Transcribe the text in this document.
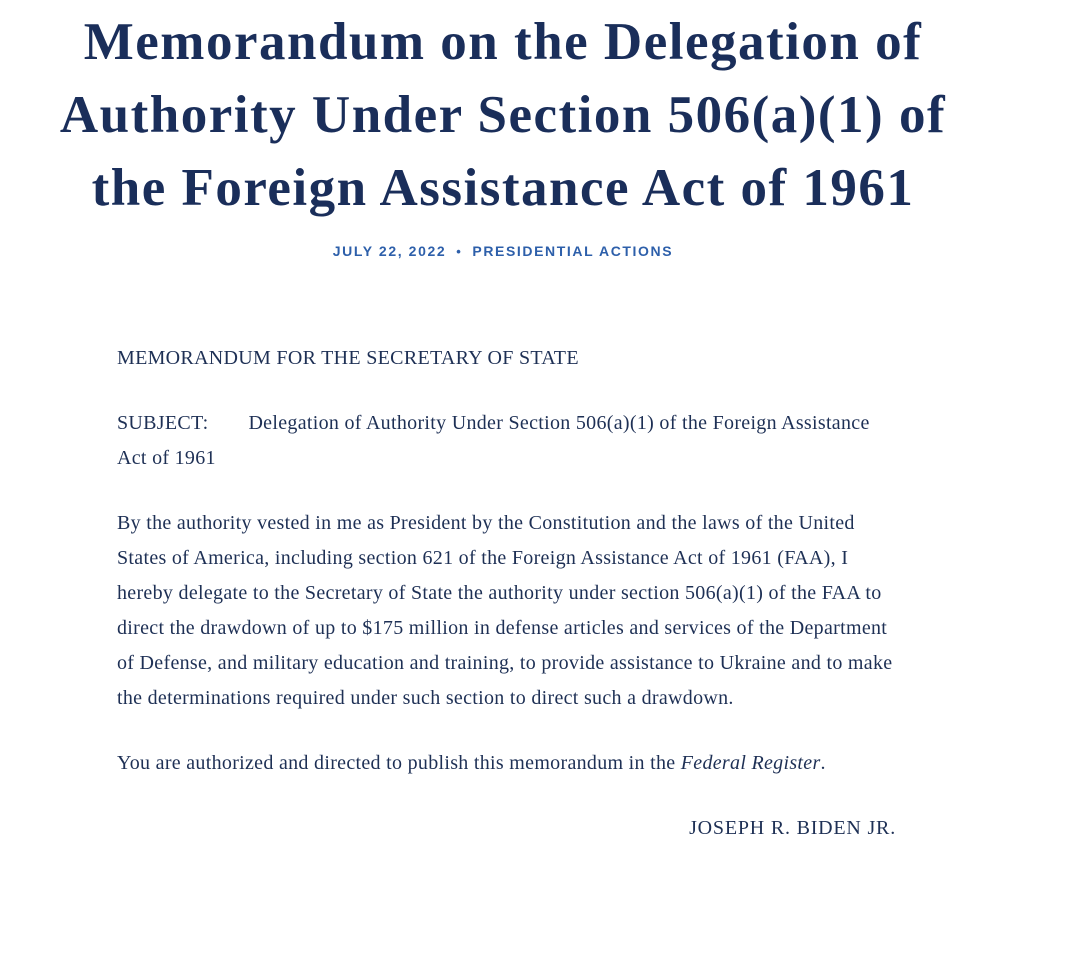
Memorandum on the Delegation of
Authority Under Section 506(a)(1) of
the Foreign Assistance Act of 1961
JULY 22, 2022 • PRESIDENTIAL ACTIONS

MEMORANDUM FOR THE SECRETARY OF STATE

SUBJECT: Delegation of Authority Under Section 506(a)(1) of the Foreign Assistance Act of 1961

By the authority vested in me as President by the Constitution and the laws of the United States of America, including section 621 of the Foreign Assistance Act of 1961 (FAA), I hereby delegate to the Secretary of State the authority under section 506(a)(1) of the FAA to direct the drawdown of up to $175 million in defense articles and services of the Department of Defense, and military education and training, to provide assistance to Ukraine and to make the determinations required under such section to direct such a drawdown.

You are authorized and directed to publish this memorandum in the Federal Register.

JOSEPH R. BIDEN JR.
